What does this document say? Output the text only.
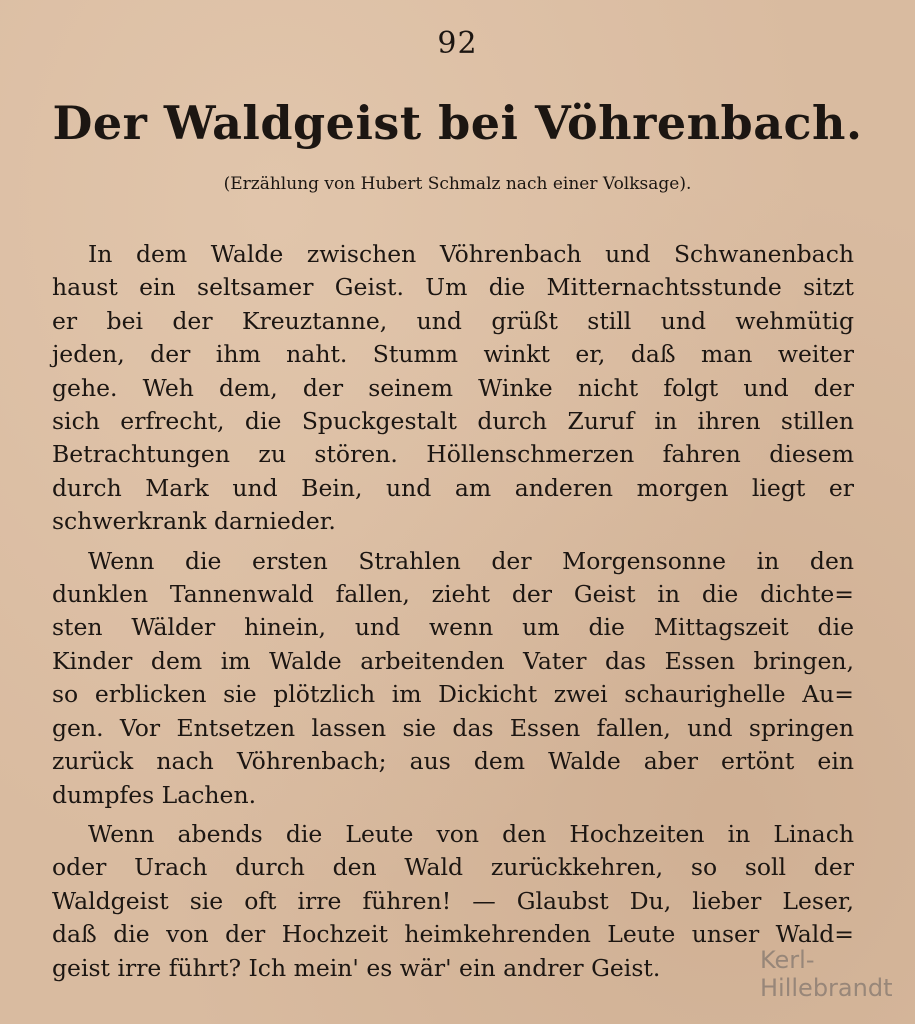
92
Der Waldgeist bei Vöhrenbach.
(Erzählung von Hubert Schmalz nach einer Volksage).
In dem Walde zwischen Vöhrenbach und Schwanenbach
haust ein seltsamer Geist. Um die Mitternachtsstunde sitzt
er bei der Kreuztanne, und grüßt still und wehmütig
jeden, der ihm naht. Stumm winkt er, daß man weiter
gehe. Weh dem, der seinem Winke nicht folgt und der
sich erfrecht, die Spuckgestalt durch Zuruf in ihren stillen
Betrachtungen zu stören. Höllenschmerzen fahren diesem
durch Mark und Bein, und am anderen morgen liegt er
schwerkrank darnieder.
Wenn die ersten Strahlen der Morgensonne in den
dunklen Tannenwald fallen, zieht der Geist in die dichte=
sten Wälder hinein, und wenn um die Mittagszeit die
Kinder dem im Walde arbeitenden Vater das Essen bringen,
so erblicken sie plötzlich im Dickicht zwei schaurighelle Au=
gen. Vor Entsetzen lassen sie das Essen fallen, und springen
zurück nach Vöhrenbach; aus dem Walde aber ertönt ein
dumpfes Lachen.
Wenn abends die Leute von den Hochzeiten in Linach
oder Urach durch den Wald zurückkehren, so soll der
Waldgeist sie oft irre führen! — Glaubst Du, lieber Leser,
daß die von der Hochzeit heimkehrenden Leute unser Wald=
geist irre führt? Ich mein' es wär' ein andrer Geist.	Kerl-Hillebrandt
